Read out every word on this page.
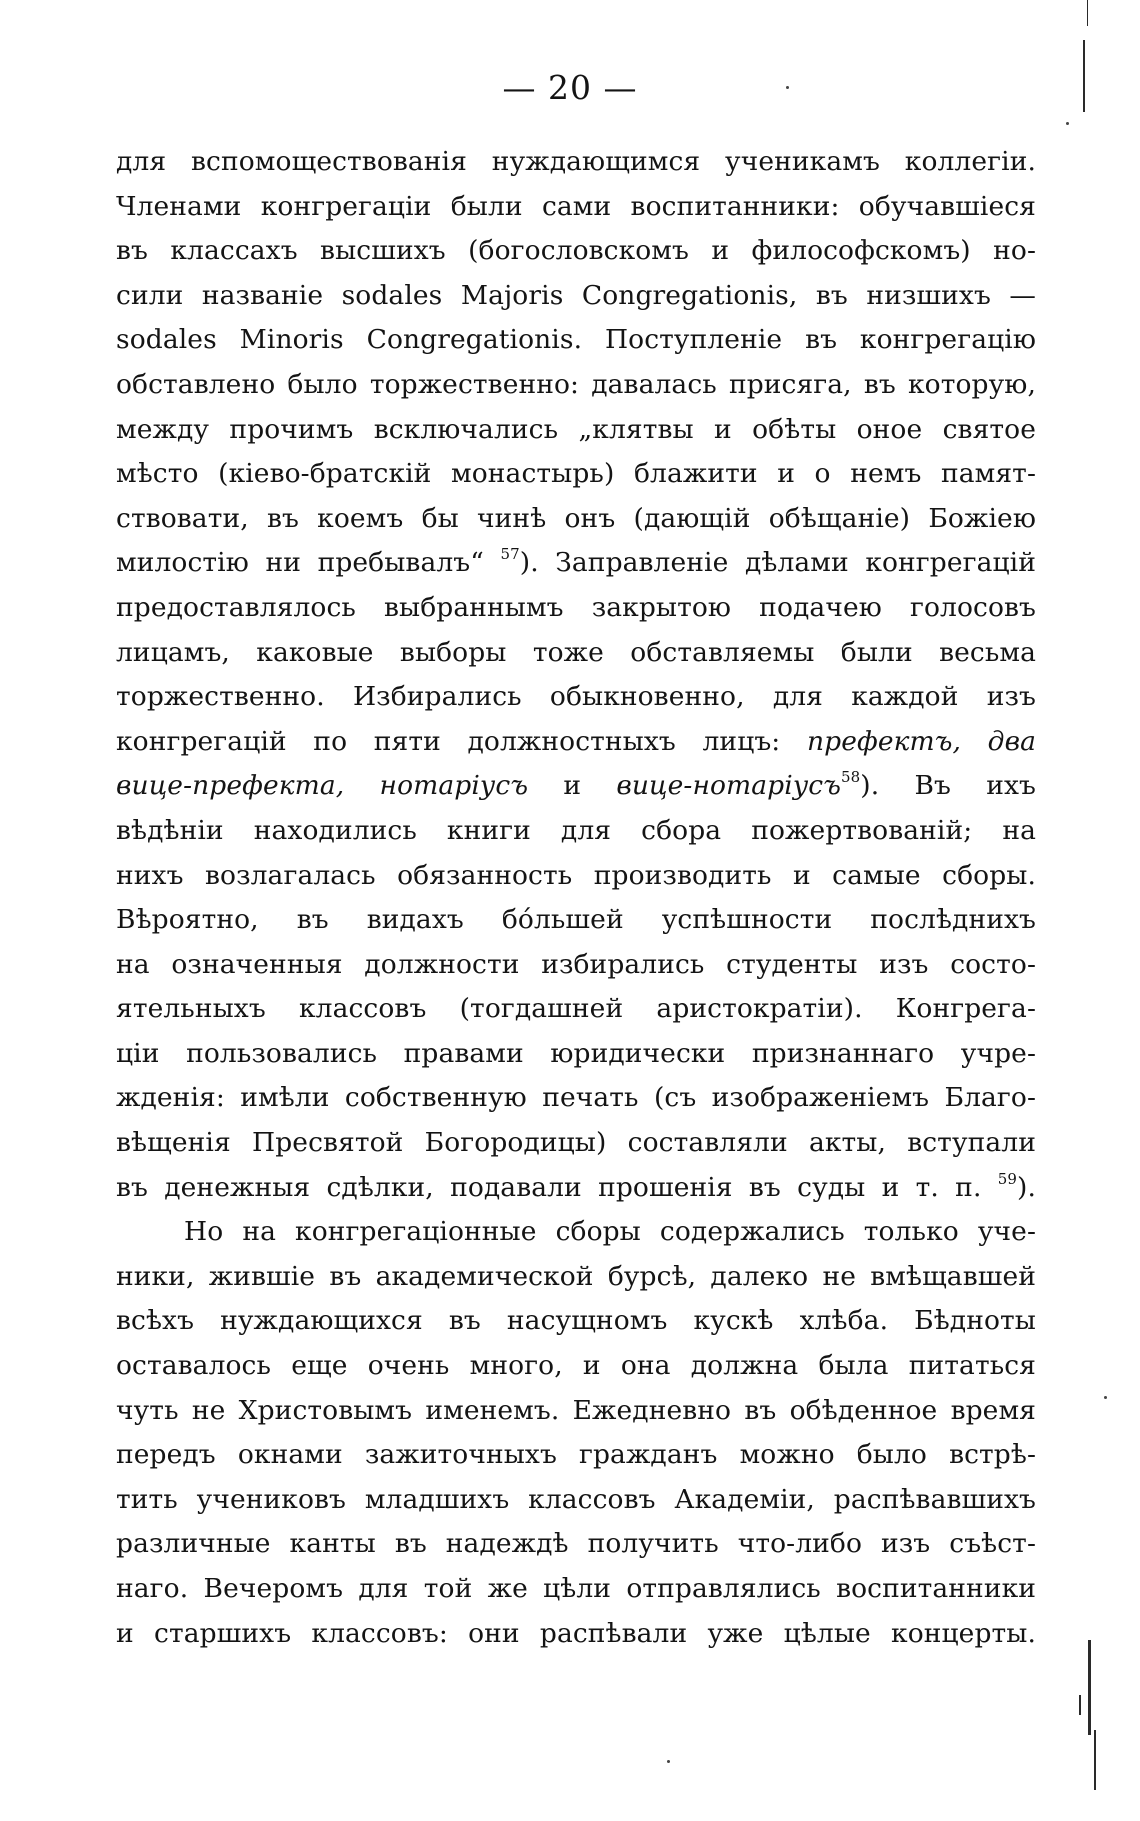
— 20 —
для вспомоществованія нуждающимся ученикамъ коллегіи.
Членами конгрегаціи были сами воспитанники: обучавшіеся
въ классахъ высшихъ (богословскомъ и философскомъ) но-
сили названіе sodales Majoris Congregationis, въ низшихъ —
sodales Minoris Congregationis. Поступленіе въ конгрегацію
обставлено было торжественно: давалась присяга, въ которую,
между прочимъ всключались „клятвы и обѣты оное святое
мѣсто (кіево-братскій монастырь) блажити и о немъ памят-
ствовати, въ коемъ бы чинѣ онъ (дающій обѣщаніе) Божіею
милостію ни пребывалъ“ $^{57}$). Заправленіе дѣлами конгрегацій
предоставлялось выбраннымъ закрытою подачею голосовъ
лицамъ, каковые выборы тоже обставляемы были весьма
торжественно. Избирались обыкновенно, для каждой изъ
конгрегацій по пяти должностныхъ лицъ: префектъ, два
вице-префекта, нотаріусъ и вице-нотаріусъ$^{58}$). Въ ихъ
вѣдѣніи находились книги для сбора пожертвованій; на
нихъ возлагалась обязанность производить и самые сборы.
Вѣроятно, въ видахъ бóльшей успѣшности послѣднихъ
на означенныя должности избирались студенты изъ состо-
ятельныхъ классовъ (тогдашней аристократіи). Конгрега-
ціи пользовались правами юридически признаннаго учре-
жденія: имѣли собственную печать (съ изображеніемъ Благо-
вѣщенія Пресвятой Богородицы) составляли акты, вступали
въ денежныя сдѣлки, подавали прошенія въ суды и т. п. $^{59}$).
Но на конгрегаціонные сборы содержались только уче-
ники, жившіе въ академической бурсѣ, далеко не вмѣщавшей
всѣхъ нуждающихся въ насущномъ кускѣ хлѣба. Бѣдноты
оставалось еще очень много, и она должна была питаться
чуть не Христовымъ именемъ. Ежедневно въ обѣденное время
передъ окнами зажиточныхъ гражданъ можно было встрѣ-
тить учениковъ младшихъ классовъ Академіи, распѣвавшихъ
различные канты въ надеждѣ получить что-либо изъ съѣст-
наго. Вечеромъ для той же цѣли отправлялись воспитанники
и старшихъ классовъ: они распѣвали уже цѣлые концерты.
